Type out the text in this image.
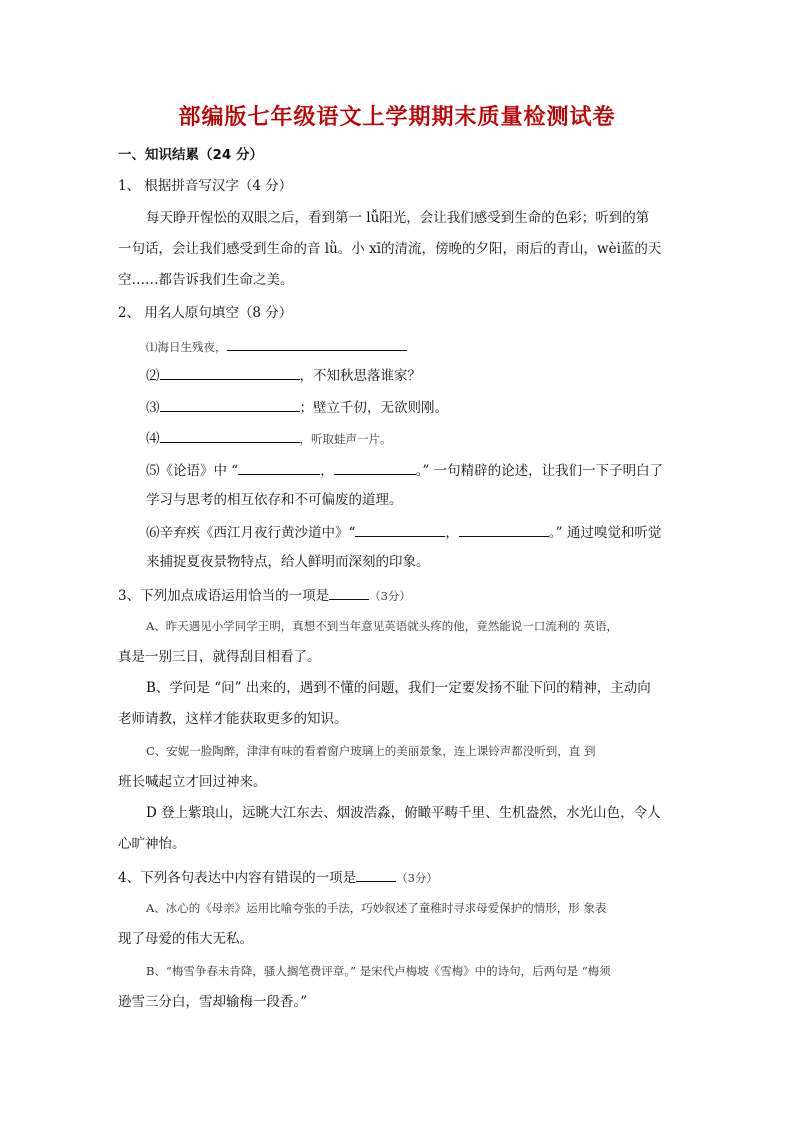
部编版七年级语文上学期期末质量检测试卷
一、知识结累（24 分）
1、 根据拼音写汉字（4 分）
每天睁开惺忪的双眼之后，看到第一 lǚ阳光，会让我们感受到生命的色彩；听到的第
一句话，会让我们感受到生命的音 lǜ。小 xī的清流，傍晚的夕阳，雨后的青山，wèi蓝的天
空……都告诉我们生命之美。
2、 用名人原句填空（8 分）
⑴海日生残夜，
⑵	，不知秋思落谁家？
⑶	；壁立千仞，无欲则刚。
⑷	，听取蛙声一片。
⑸《论语》中 “	，	。” 一句精辟的论述，让我们一下子明白了
学习与思考的相互依存和不可偏废的道理。
⑹辛弃疾《西江月夜行黄沙道中》“	，	。” 通过嗅觉和听觉
来捕捉夏夜景物特点，给人鲜明而深刻的印象。
3、下列加点成语运用恰当的一项是	（3分）
A、昨天遇见小学同学王明，真想不到当年意见英语就头疼的他，竟然能说一口流利的 英语，
真是一别三日，就得刮目相看了。
B、学问是 “问” 出来的，遇到不懂的问题，我们一定要发扬不耻下问的精神，主动向
老师请教，这样才能获取更多的知识。
C、安妮一脸陶醉，津津有味的看着窗户玻璃上的美丽景象，连上课铃声都没听到，直 到
班长喊起立才回过神来。
D 登上紫琅山，远眺大江东去、烟波浩淼，俯瞰平畴千里、生机盎然，水光山色，令人
心旷神怡。
4、下列各句表达中内容有错误的一项是	（3分）
A、冰心的《母亲》运用比喻夸张的手法，巧妙叙述了童稚时寻求母爱保护的情形，形 象表
现了母爱的伟大无私。
B、“梅雪争春未肯降，骚人搁笔费评章。” 是宋代卢梅坡《雪梅》中的诗句，后两句是 “梅须
逊雪三分白，雪却输梅一段香。”
